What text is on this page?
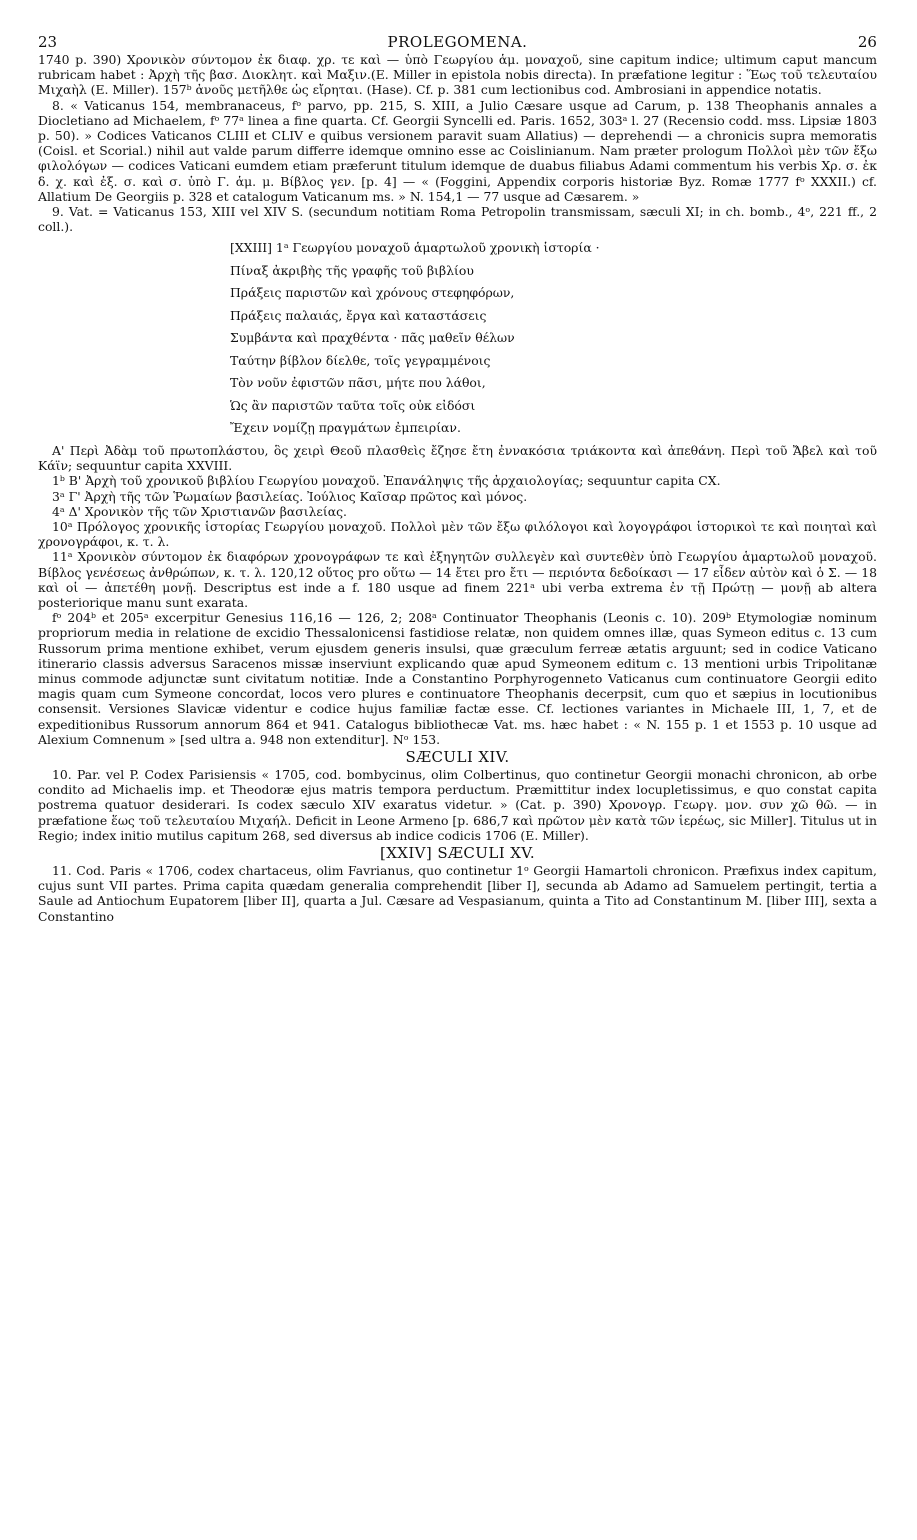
23	PROLEGOMENA.	26

1740 p. 390) Χρονικὸν σύντομον ἐκ διαφ. χρ. τε καὶ — ὑπὸ Γεωργίου ἁμ. μοναχοῦ, sine capitum indice; ultimum caput mancum rubricam habet : Ἀρχὴ τῆς βασ. Διοκλητ. καὶ Μαξιν.(E. Miller in epistola nobis directa). In præfatione legitur : Ἕως τοῦ τελευταίου Μιχαὴλ (E. Miller). 157ᵇ ἀνοῦς μετῆλθε ὡς εἴρηται. (Hase). Cf. p. 381 cum lectionibus cod. Ambrosiani in appendice notatis.

8. « Vaticanus 154, membranaceus, fᵒ parvo, pp. 215, S. XIII, a Julio Cæsare usque ad Carum, p. 138 Theophanis annales a Diocletiano ad Michaelem, fᵒ 77ᵃ linea a fine quarta. Cf. Georgii Syncelli ed. Paris. 1652, 303ᵃ l. 27 (Recensio codd. mss. Lipsiæ 1803 p. 50). » Codices Vaticanos CLIII et CLIV e quibus versionem paravit suam Allatius) — deprehendi — a chronicis supra memoratis (Coisl. et Scorial.) nihil aut valde parum differre idemque omnino esse ac Coislinianum. Nam præter prologum Πολλοὶ μὲν τῶν ἔξω φιλολόγων — codices Vaticani eumdem etiam præferunt titulum idemque de duabus filiabus Adami commentum his verbis Χρ. σ. ἐκ δ. χ. καὶ ἐξ. σ. καὶ σ. ὑπὸ Γ. ἁμ. μ. Βίβλος γεν. [p. 4] — « (Foggini, Appendix corporis historiæ Byz. Romæ 1777 fᵒ XXXII.) cf. Allatium De Georgiis p. 328 et catalogum Vaticanum ms. » N. 154,1 — 77 usque ad Cæsarem. »

9. Vat. = Vaticanus 153, XIII vel XIV S. (secundum notitiam Roma Petropolin transmissam, sæculi XI; in ch. bomb., 4ᵒ, 221 ff., 2 coll.).

[XXIII] 1ᵃ Γεωργίου μοναχοῦ ἁμαρτωλοῦ χρονικὴ ἱστορία ·
Πίναξ ἀκριβὴς τῆς γραφῆς τοῦ βιβλίου
Πράξεις παριστῶν καὶ χρόνους στεφηφόρων,
Πράξεις παλαιάς, ἔργα καὶ καταστάσεις
Συμβάντα καὶ πραχθέντα · πᾶς μαθεῖν θέλων
Ταύτην βίβλον δίελθε, τοῖς γεγραμμένοις
Τὸν νοῦν ἐφιστῶν πᾶσι, μήτε που λάθοι,
Ὡς ἂν παριστῶν ταῦτα τοῖς οὐκ εἰδόσι
Ἔχειν νομίζῃ πραγμάτων ἐμπειρίαν.

Α' Περὶ Ἀδὰμ τοῦ πρωτοπλάστου, ὃς χειρὶ Θεοῦ πλασθεὶς ἔζησε ἔτη ἐννακόσια τριάκοντα καὶ ἀπεθάνη. Περὶ τοῦ Ἄβελ καὶ τοῦ Κάϊν; sequuntur capita XXVIII.

1ᵇ Β' Ἀρχὴ τοῦ χρονικοῦ βιβλίου Γεωργίου μοναχοῦ. Ἐπανάληψις τῆς ἀρχαιολογίας; sequuntur capita CX.

3ᵃ Γ' Ἀρχὴ τῆς τῶν Ῥωμαίων βασιλείας. Ἰούλιος Καῖσαρ πρῶτος καὶ μόνος.

4ᵃ Δ' Χρονικὸν τῆς τῶν Χριστιανῶν βασιλείας.

10ᵃ Πρόλογος χρονικῆς ἱστορίας Γεωργίου μοναχοῦ. Πολλοὶ μὲν τῶν ἔξω φιλόλογοι καὶ λογογράφοι ἱστορικοὶ τε καὶ ποιηταὶ καὶ χρονογράφοι, κ. τ. λ.

11ᵃ Χρονικὸν σύντομον ἐκ διαφόρων χρονογράφων τε καὶ ἐξηγητῶν συλλεγὲν καὶ συντεθὲν ὑπὸ Γεωργίου ἁμαρτωλοῦ μοναχοῦ. Βίβλος γενέσεως ἀνθρώπων, κ. τ. λ. 120,12 οὕτος pro οὕτω — 14 ἔτει pro ἔτι — περιόντα δεδοίκασι — 17 εἶδεν αὐτὸν καὶ ὁ Σ. — 18 καὶ οἱ — ἀπετέθη μονῇ. Descriptus est inde a f. 180 usque ad finem 221ᵃ ubi verba extrema ἐν τῇ Πρώτῃ — μονῇ ab altera posteriorique manu sunt exarata.

fᵒ 204ᵇ et 205ᵃ excerpitur Genesius 116,16 — 126, 2; 208ᵃ Continuator Theophanis (Leonis c. 10). 209ᵇ Etymologiæ nominum propriorum media in relatione de excidio Thessalonicensi fastidiose relatæ, non quidem omnes illæ, quas Symeon editus c. 13 cum Russorum prima mentione exhibet, verum ejusdem generis insulsi, quæ græculum ferreæ ætatis arguunt; sed in codice Vaticano itinerario classis adversus Saracenos missæ inserviunt explicando quæ apud Symeonem editum c. 13 mentioni urbis Tripolitanæ minus commode adjunctæ sunt civitatum notitiæ. Inde a Constantino Porphyrogenneto Vaticanus cum continuatore Georgii edito magis quam cum Symeone concordat, locos vero plures e continuatore Theophanis decerpsit, cum quo et sæpius in locutionibus consensit. Versiones Slavicæ videntur e codice hujus familiæ factæ esse. Cf. lectiones variantes in Michaele III, 1, 7, et de expeditionibus Russorum annorum 864 et 941. Catalogus bibliothecæ Vat. ms. hæc habet : « N. 155 p. 1 et 1553 p. 10 usque ad Alexium Comnenum » [sed ultra a. 948 non extenditur]. Nᵒ 153.

SÆCULI XIV.

10. Par. vel P. Codex Parisiensis « 1705, cod. bombycinus, olim Colbertinus, quo continetur Georgii monachi chronicon, ab orbe condito ad Michaelis imp. et Theodoræ ejus matris tempora perductum. Præmittitur index locupletissimus, e quo constat capita postrema quatuor desiderari. Is codex sæculo XIV exaratus videtur. » (Cat. p. 390) Χρονογρ. Γεωργ. μον. συν χῶ θῶ. — in præfatione ἕως τοῦ τελευταίου Μιχαήλ. Deficit in Leone Armeno [p. 686,7 καὶ πρῶτον μὲν κατὰ τῶν ἱερέως, sic Miller]. Titulus ut in Regio; index initio mutilus capitum 268, sed diversus ab indice codicis 1706 (E. Miller).

[XXIV] SÆCULI XV.

11. Cod. Paris « 1706, codex chartaceus, olim Favrianus, quo continetur 1ᵒ Georgii Hamartoli chronicon. Præfixus index capitum, cujus sunt VII partes. Prima capita quædam generalia comprehendit [liber I], secunda ab Adamo ad Samuelem pertingit, tertia a Saule ad Antiochum Eupatorem [liber II], quarta a Jul. Cæsare ad Vespasianum, quinta a Tito ad Constantinum M. [liber III], sexta a Constantino
